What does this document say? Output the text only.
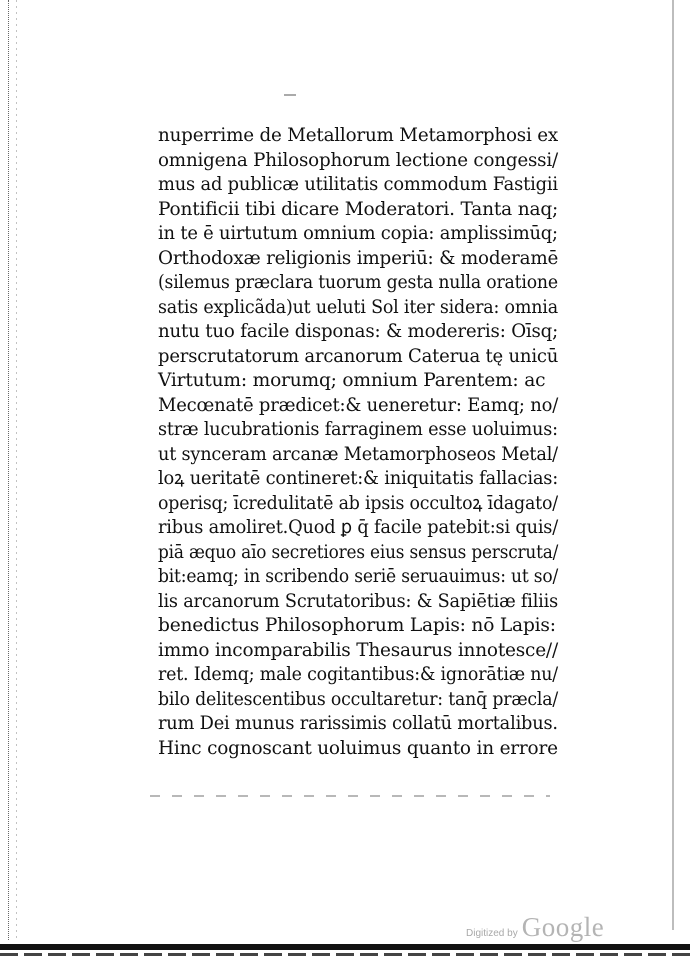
nuperrime de Metallorum Metamorphosi ex
omnigena Philosophorum lectione congessi/
mus ad publicæ utilitatis commodum Fastigii
Pontificii tibi dicare Moderatori. Tanta naq;
in te ē uirtutum omnium copia: amplissimūq;
Orthodoxæ religionis imperiū: & moderamē
(silemus præclara tuorum gesta nulla oratione
satis explicãda)ut ueluti Sol iter sidera: omnia
nutu tuo facile disponas: & modereris: Oīsq;
perscrutatorum arcanorum Caterua tę unicū
Virtutum: morumq; omnium Parentem: ac
Mecœnatē prædicet:& ueneretur: Eamq; no/
stræ lucubrationis farraginem esse uoluimus:
ut synceram arcanæ Metamorphoseos Metal/
loꝝ ueritatē contineret:& iniquitatis fallacias:
operisq; īcredulitatē ab ipsis occultoꝝ īdagato/
ribus amoliret.Quod ꝑ q̄ facile patebit:si quis/
piā æquo aīo secretiores eius sensus perscruta/
bit:eamq; in scribendo seriē seruauimus: ut so/
lis arcanorum Scrutatoribus: & Sapiētiæ filiis
benedictus Philosophorum Lapis: nō Lapis:
immo incomparabilis Thesaurus innotesce//
ret. Idemq; male cogitantibus:& ignorātiæ nu/
bilo delitescentibus occultaretur: tanq̄ præcla/
rum Dei munus rarissimis collatū mortalibus.
Hinc cognoscant uoluimus quanto in errore
Digitized by Google
